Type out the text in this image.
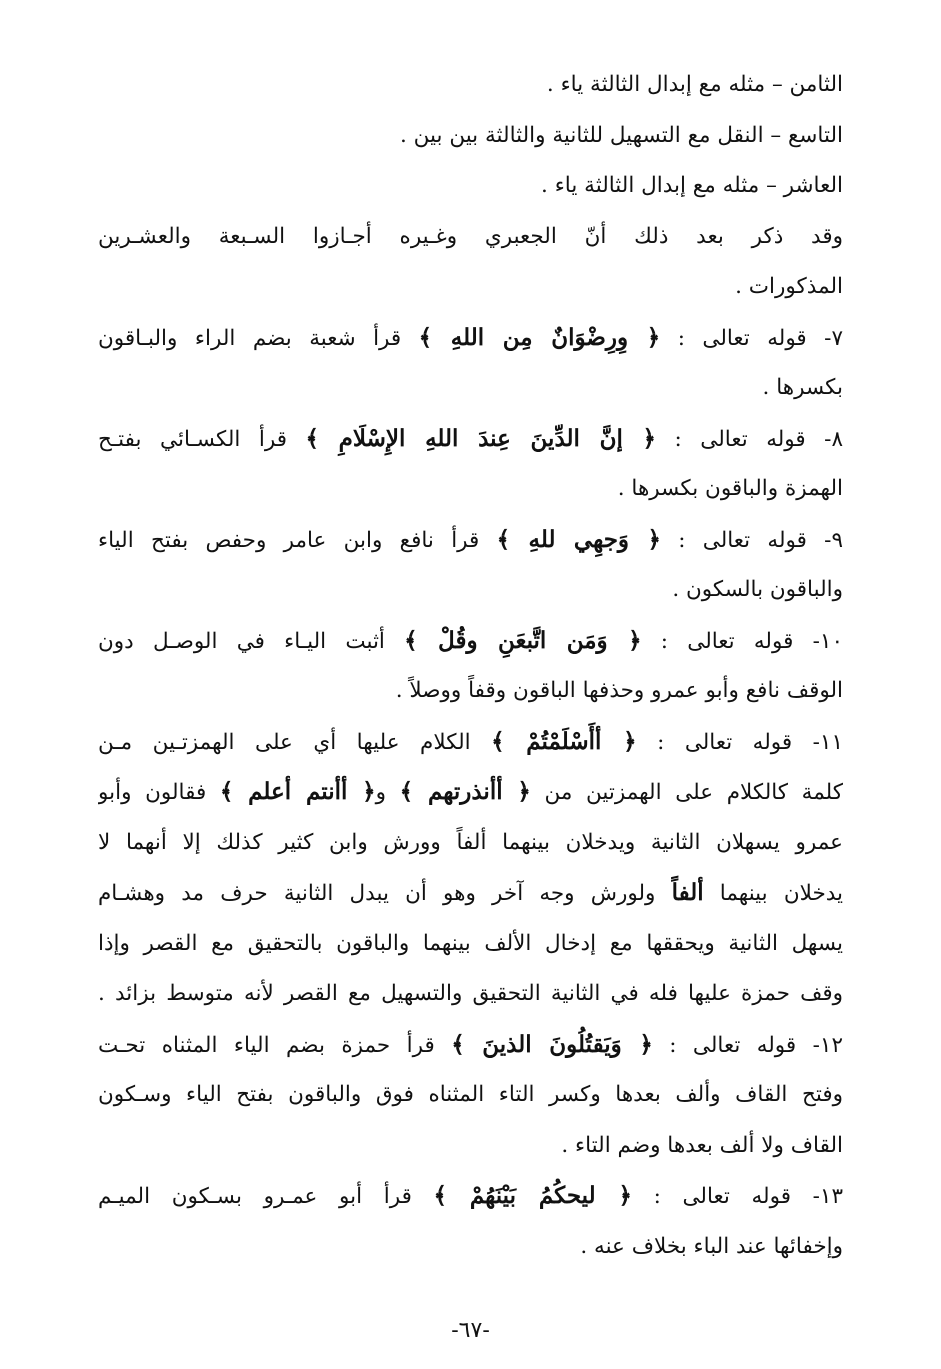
الثامن – مثله مع إبدال الثالثة ياء .
التاسع – النقل مع التسهيل للثانية والثالثة بين بين .
العاشر – مثله مع إبدال الثالثة ياء .
وقد ذكر بعد ذلك أنّ الجعبري وغـيره أجـازوا السـبعة والعشـرين
المذكورات .
٧- قوله تعالى : ﴿ وِرِضْوَانٌ مِن اللهِ ﴾ قرأ شعبة بضم الراء والبـاقون
بكسرها .
٨- قوله تعالى : ﴿ إنَّ الدِّينَ عِندَ اللهِ الإِسْلَامِ ﴾ قرأ الكسـائي بفتـح
الهمزة والباقون بكسرها .
٩- قوله تعالى : ﴿ وَجهِي للهِ ﴾ قرأ نافع وابن عامر وحفص بفتح الياء
والباقون بالسكون .
١٠- قوله تعالى : ﴿ وَمَن اتَّبعَنِ وقُلْ ﴾ أثبت اليـاء في الوصـل دون
الوقف نافع وأبو عمرو وحذفها الباقون وقفاً ووصلاً .
١١- قوله تعالى : ﴿ أأَسْلَمْتُمْ ﴾ الكلام عليها أي على الهمزتـين مـن
كلمة كالكلام على الهمزتين من ﴿ أأنذرتهم ﴾ و﴿ أأنتم أعلم ﴾ فقالون وأبو
عمرو يسهلان الثانية ويدخلان بينهما ألفاً وورش وابن كثير كذلك إلا أنهما لا
يدخلان بينهما ألفاً ولورش وجه آخر وهو أن يبدل الثانية حرف مد وهشـام
يسهل الثانية ويحققها مع إدخال الألف بينهما والباقون بالتحقيق مع القصر وإذا
وقف حمزة عليها فله في الثانية التحقيق والتسهيل مع القصر لأنه متوسط بزائد .
١٢- قوله تعالى : ﴿ وَيَقتُلُونَ الذينَ ﴾ قرأ حمزة بضم الياء المثناه تحـت
وفتح القاف وألف بعدها وكسر التاء المثناه فوق والباقون بفتح الياء وسـكون
القاف ولا ألف بعدها وضم التاء .
١٣- قوله تعالى : ﴿ ليحكُمُ بَيْنَهُمْ ﴾ قرأ أبو عمـرو بسـكون الميـم
وإخفائها عند الباء بخلاف عنه .
-٦٧-
